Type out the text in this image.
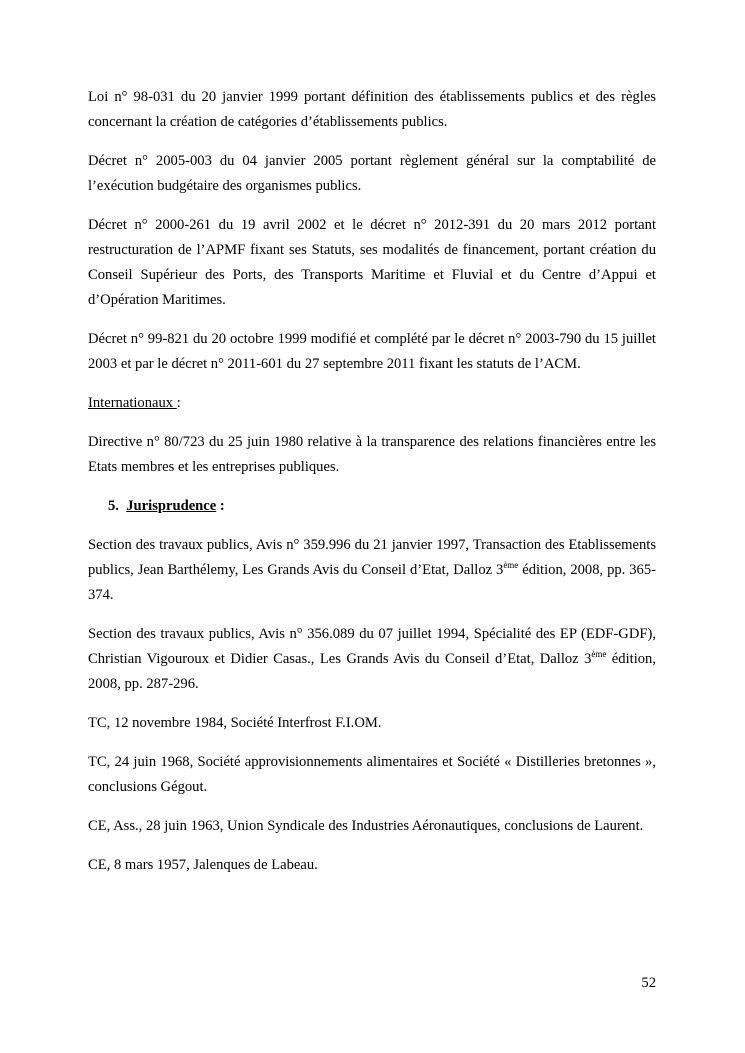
Loi n° 98-031 du 20 janvier 1999 portant définition des établissements publics et des règles concernant la création de catégories d’établissements publics.

Décret n° 2005-003 du 04 janvier 2005 portant règlement général sur la comptabilité de l’exécution budgétaire des organismes publics.

Décret n° 2000-261 du 19 avril 2002 et le décret n° 2012-391 du 20 mars 2012 portant restructuration de l’APMF fixant ses Statuts, ses modalités de financement, portant création du Conseil Supérieur des Ports, des Transports Maritime et Fluvial et du Centre d’Appui et d’Opération Maritimes.

Décret n° 99-821 du 20 octobre 1999 modifié et complété par le décret n° 2003-790 du 15 juillet 2003 et par le décret n° 2011-601 du 27 septembre 2011 fixant les statuts de l’ACM.

Internationaux :

Directive n° 80/723 du 25 juin 1980 relative à la transparence des relations financières entre les Etats membres et les entreprises publiques.

5. Jurisprudence :

Section des travaux publics, Avis n° 359.996 du 21 janvier 1997, Transaction des Etablissements publics, Jean Barthélemy, Les Grands Avis du Conseil d’Etat, Dalloz 3ème édition, 2008, pp. 365-374.

Section des travaux publics, Avis n° 356.089 du 07 juillet 1994, Spécialité des EP (EDF-GDF), Christian Vigouroux et Didier Casas., Les Grands Avis du Conseil d’Etat, Dalloz 3ème édition, 2008, pp. 287-296.

TC, 12 novembre 1984, Société Interfrost F.I.OM.

TC, 24 juin 1968, Société approvisionnements alimentaires et Société « Distilleries bretonnes », conclusions Gégout.

CE, Ass., 28 juin 1963, Union Syndicale des Industries Aéronautiques, conclusions de Laurent.

CE, 8 mars 1957, Jalenques de Labeau.

52
